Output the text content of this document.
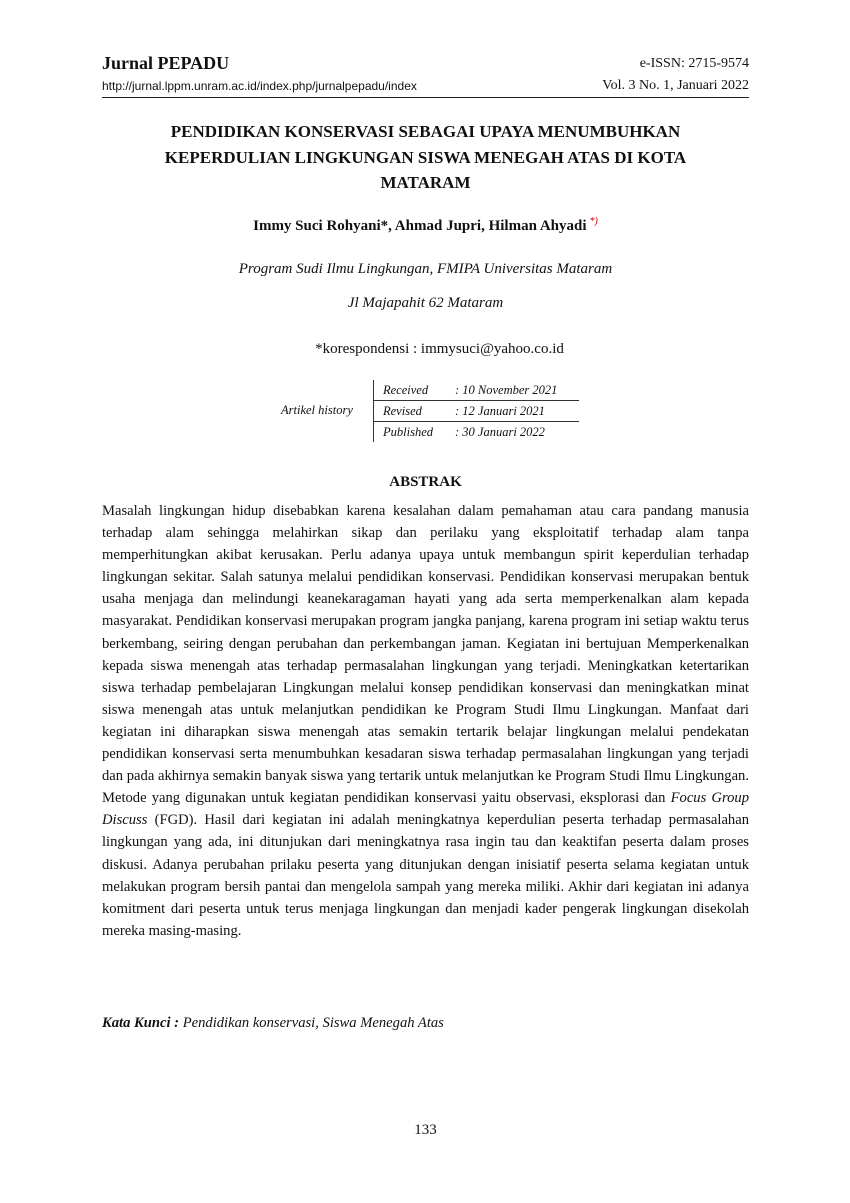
Jurnal PEPADU
http://jurnal.lppm.unram.ac.id/index.php/jurnalpepadu/index
e-ISSN: 2715-9574
Vol. 3 No. 1, Januari 2022
PENDIDIKAN KONSERVASI SEBAGAI UPAYA MENUMBUHKAN
KEPERDULIAN LINGKUNGAN SISWA MENEGAH ATAS DI KOTA
MATARAM
Immy Suci Rohyani*, Ahmad Jupri, Hilman Ahyadi *)
Program Sudi Ilmu Lingkungan, FMIPA Universitas Mataram
Jl Majapahit 62 Mataram
*korespondensi : immysuci@yahoo.co.id
Artikel history
Received	: 10 November 2021
Revised	: 12 Januari 2021
Published	: 30 Januari 2022
ABSTRAK

Masalah lingkungan hidup disebabkan karena kesalahan dalam pemahaman atau cara pandang manusia terhadap alam sehingga melahirkan sikap dan perilaku yang eksploitatif terhadap alam tanpa memperhitungkan akibat kerusakan. Perlu adanya upaya untuk membangun spirit keperdulian terhadap lingkungan sekitar. Salah satunya melalui pendidikan konservasi. Pendidikan konservasi merupakan bentuk usaha menjaga dan melindungi keanekaragaman hayati yang ada serta memperkenalkan alam kepada masyarakat. Pendidikan konservasi merupakan program jangka panjang, karena program ini setiap waktu terus berkembang, seiring dengan perubahan dan perkembangan jaman. Kegiatan ini bertujuan Memperkenalkan kepada siswa menengah atas terhadap permasalahan lingkungan yang terjadi. Meningkatkan ketertarikan siswa terhadap pembelajaran Lingkungan melalui konsep pendidikan konservasi dan meningkatkan minat siswa menengah atas untuk melanjutkan pendidikan ke Program Studi Ilmu Lingkungan. Manfaat dari kegiatan ini diharapkan siswa menengah atas semakin tertarik belajar lingkungan melalui pendekatan pendidikan konservasi serta menumbuhkan kesadaran siswa terhadap permasalahan lingkungan yang terjadi dan pada akhirnya semakin banyak siswa yang tertarik untuk melanjutkan ke Program Studi Ilmu Lingkungan. Metode yang digunakan untuk kegiatan pendidikan konservasi yaitu observasi, eksplorasi dan Focus Group Discuss (FGD). Hasil dari kegiatan ini adalah meningkatnya keperdulian peserta terhadap permasalahan lingkungan yang ada, ini ditunjukan dari meningkatnya rasa ingin tau dan keaktifan peserta dalam proses diskusi. Adanya perubahan prilaku peserta yang ditunjukan dengan inisiatif peserta selama kegiatan untuk melakukan program bersih pantai dan mengelola sampah yang mereka miliki. Akhir dari kegiatan ini adanya komitment dari peserta untuk terus menjaga lingkungan dan menjadi kader pengerak lingkungan disekolah mereka masing-masing.

Kata Kunci : Pendidikan konservasi, Siswa Menegah Atas
133
